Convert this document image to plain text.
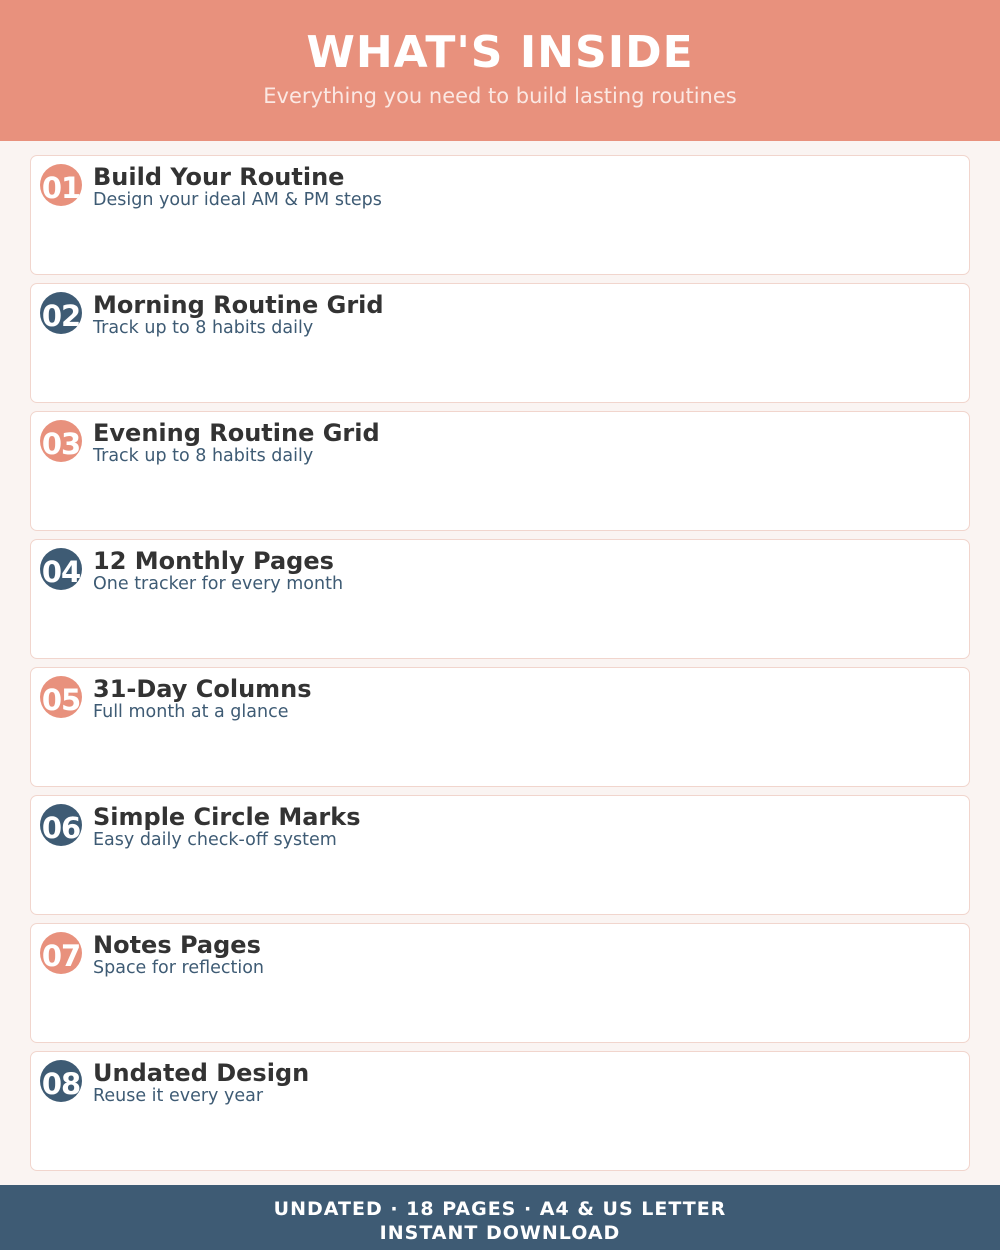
WHAT'S INSIDE
Everything you need to build lasting routines
01 Build Your Routine
Design your ideal AM & PM steps
02 Morning Routine Grid
Track up to 8 habits daily
03 Evening Routine Grid
Track up to 8 habits daily
04 12 Monthly Pages
One tracker for every month
05 31-Day Columns
Full month at a glance
06 Simple Circle Marks
Easy daily check-off system
07 Notes Pages
Space for reflection
08 Undated Design
Reuse it every year
UNDATED · 18 PAGES · A4 & US LETTER
INSTANT DOWNLOAD
